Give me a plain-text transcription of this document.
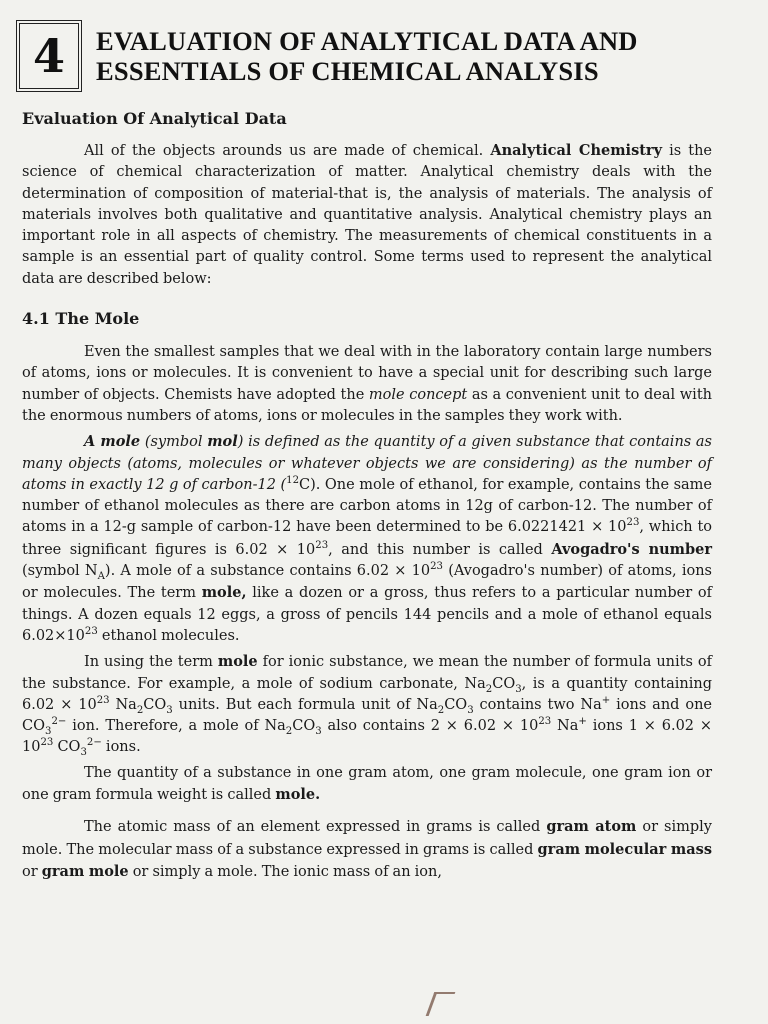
4 EVALUATION OF ANALYTICAL DATA AND
ESSENTIALS OF CHEMICAL ANALYSIS
Evaluation Of Analytical Data

All of the objects arounds us are made of chemical. Analytical Chemistry is the science of chemical characterization of matter. Analytical chemistry deals with the determination of composition of material-that is, the analysis of materials. The analysis of materials involves both qualitative and quantitative analysis. Analytical chemistry plays an important role in all aspects of chemistry. The measurements of chemical constituents in a sample is an essential part of quality control. Some terms used to represent the analytical data are described below:

4.1 The Mole

Even the smallest samples that we deal with in the laboratory contain large numbers of atoms, ions or molecules. It is convenient to have a special unit for describing such large number of objects. Chemists have adopted the mole concept as a convenient unit to deal with the enormous numbers of atoms, ions or molecules in the samples they work with.

A mole (symbol mol) is defined as the quantity of a given substance that contains as many objects (atoms, molecules or whatever objects we are considering) as the number of atoms in exactly 12 g of carbon-12 ($^{12}$C). One mole of ethanol, for example, contains the same number of ethanol molecules as there are carbon atoms in 12g of carbon-12. The number of atoms in a 12-g sample of carbon-12 have been determined to be $6.0221421 \times 10^{23}$, which to three significant figures is $6.02 \times 10^{23}$, and this number is called Avogadro's number (symbol $N_A$). A mole of a substance contains $6.02 \times 10^{23}$ (Avogadro's number) of atoms, ions or molecules. The term mole, like a dozen or a gross, thus refers to a particular number of things. A dozen equals 12 eggs, a gross of pencils 144 pencils and a mole of ethanol equals $6.02\times 10^{23}$ ethanol molecules.

In using the term mole for ionic substance, we mean the number of formula units of the substance. For example, a mole of sodium carbonate, $Na_2CO_3$, is a quantity containing $6.02 \times 10^{23}$ $Na_2CO_3$ units. But each formula unit of $Na_2CO_3$ contains two Na+ ions and one $CO_3^{2-}$ ion. Therefore, a mole of $Na_2CO_3$ also contains $2 \times 6.02 \times 10^{23}$ Na+ ions $1 \times 6.02 \times 10^{23}$ $CO_3^{2-}$ ions.

The quantity of a substance in one gram atom, one gram molecule, one gram ion or one gram formula weight is called mole.

The atomic mass of an element expressed in grams is called gram atom or simply mole. The molecular mass of a substance expressed in grams is called gram molecular mass or gram mole or simply a mole. The ionic mass of an ion,
